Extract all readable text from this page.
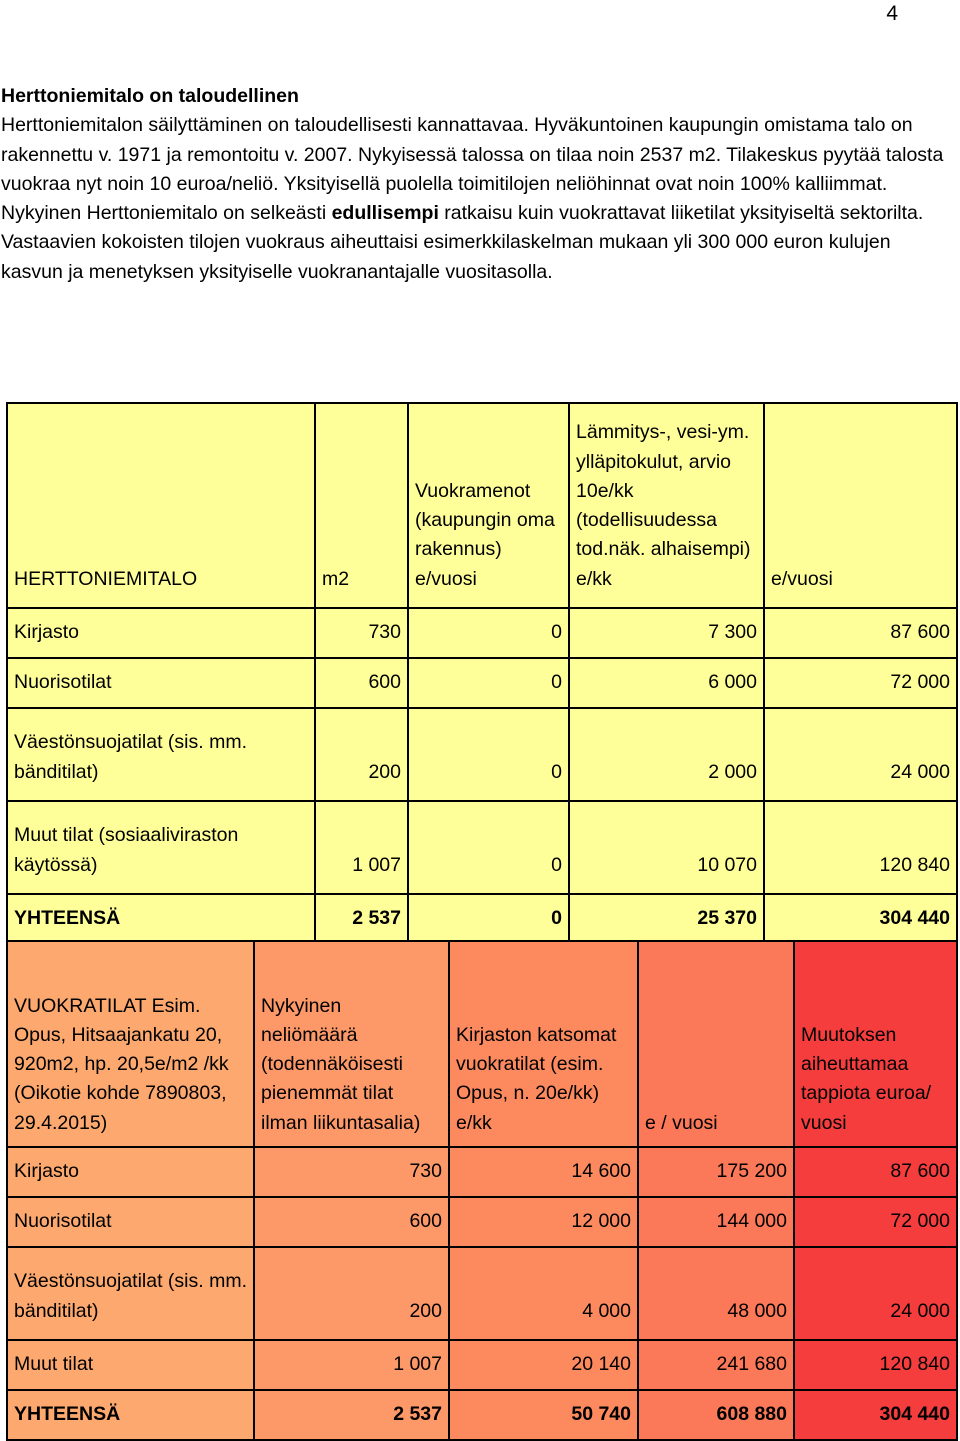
4
Herttoniemitalo on taloudellinen
Herttoniemitalon säilyttäminen on taloudellisesti kannattavaa. Hyväkuntoinen kaupungin omistama talo on rakennettu v. 1971 ja remontoitu v. 2007. Nykyisessä talossa on tilaa noin 2537 m2. Tilakeskus pyytää talosta vuokraa nyt noin 10 euroa/neliö. Yksityisellä puolella toimitilojen neliöhinnat ovat noin 100% kalliimmat. Nykyinen Herttoniemitalo on selkeästi edullisempi ratkaisu kuin vuokrattavat liiketilat yksityiseltä sektorilta. Vastaavien kokoisten tilojen vuokraus aiheuttaisi esimerkkilaskelman mukaan yli 300 000 euron kulujen kasvun ja menetyksen yksityiselle vuokranantajalle vuositasolla.
HERTTONIEMITALO	m2	Vuokramenot (kaupungin oma rakennus) e/vuosi	Lämmitys-, vesi-ym. ylläpitokulut, arvio 10e/kk (todellisuudessa tod.näk. alhaisempi) e/kk	e/vuosi
Kirjasto	730	0	7 300	87 600
Nuorisotilat	600	0	6 000	72 000
Väestönsuojatilat (sis. mm. bänditilat)	200	0	2 000	24 000
Muut tilat (sosiaaliviraston käytössä)	1 007	0	10 070	120 840
YHTEENSÄ	2 537	0	25 370	304 440
VUOKRATILAT Esim. Opus, Hitsaajankatu 20, 920m2, hp. 20,5e/m2 /kk (Oikotie kohde 7890803, 29.4.2015)	Nykyinen neliömäärä (todennäköisesti pienemmät tilat ilman liikuntasalia)	Kirjaston katsomat vuokratilat (esim. Opus, n. 20e/kk) e/kk	e / vuosi	Muutoksen aiheuttamaa tappiota euroa/ vuosi
Kirjasto	730	14 600	175 200	87 600
Nuorisotilat	600	12 000	144 000	72 000
Väestönsuojatilat (sis. mm. bänditilat)	200	4 000	48 000	24 000
Muut tilat	1 007	20 140	241 680	120 840
YHTEENSÄ	2 537	50 740	608 880	304 440
